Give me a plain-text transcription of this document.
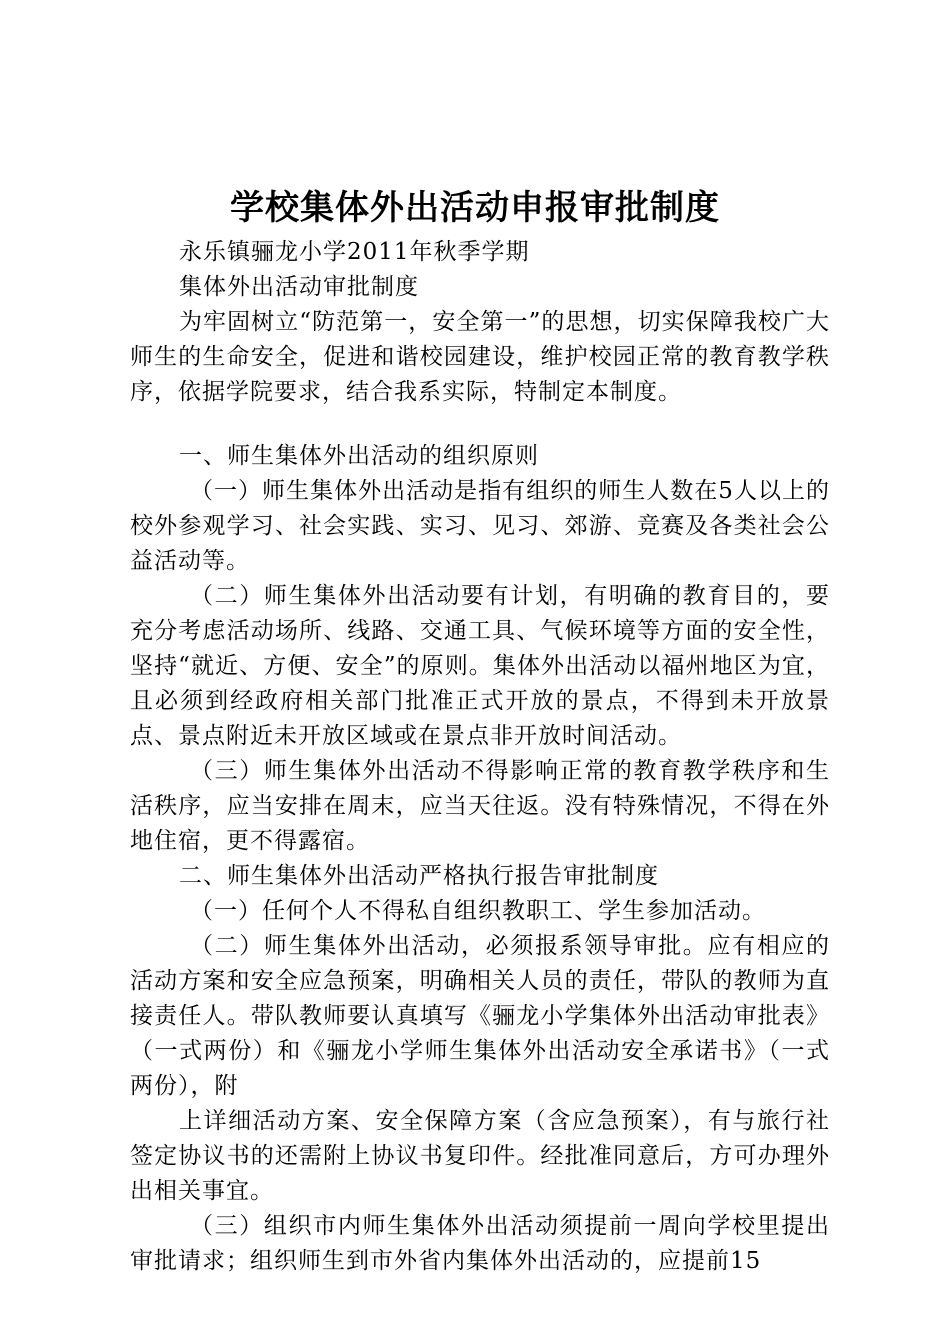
学校集体外出活动申报审批制度

永乐镇骊龙小学2011年秋季学期

集体外出活动审批制度

为牢固树立“防范第一，安全第一”的思想，切实保障我校广大师生的生命安全，促进和谐校园建设，维护校园正常的教育教学秩序，依据学院要求，结合我系实际，特制定本制度。

一、师生集体外出活动的组织原则

（一）师生集体外出活动是指有组织的师生人数在5人以上的校外参观学习、社会实践、实习、见习、郊游、竞赛及各类社会公益活动等。

（二）师生集体外出活动要有计划，有明确的教育目的，要充分考虑活动场所、线路、交通工具、气候环境等方面的安全性，坚持“就近、方便、安全”的原则。集体外出活动以福州地区为宜，且必须到经政府相关部门批准正式开放的景点，不得到未开放景点、景点附近未开放区域或在景点非开放时间活动。

（三）师生集体外出活动不得影响正常的教育教学秩序和生活秩序，应当安排在周末，应当天往返。没有特殊情况，不得在外地住宿，更不得露宿。

二、师生集体外出活动严格执行报告审批制度

（一）任何个人不得私自组织教职工、学生参加活动。

（二）师生集体外出活动，必须报系领导审批。应有相应的活动方案和安全应急预案，明确相关人员的责任，带队的教师为直接责任人。带队教师要认真填写《骊龙小学集体外出活动审批表》（一式两份）和《骊龙小学师生集体外出活动安全承诺书》（一式两份），附

上详细活动方案、安全保障方案（含应急预案），有与旅行社签定协议书的还需附上协议书复印件。经批准同意后，方可办理外出相关事宜。

（三）组织市内师生集体外出活动须提前一周向学校里提出审批请求；组织师生到市外省内集体外出活动的，应提前15
